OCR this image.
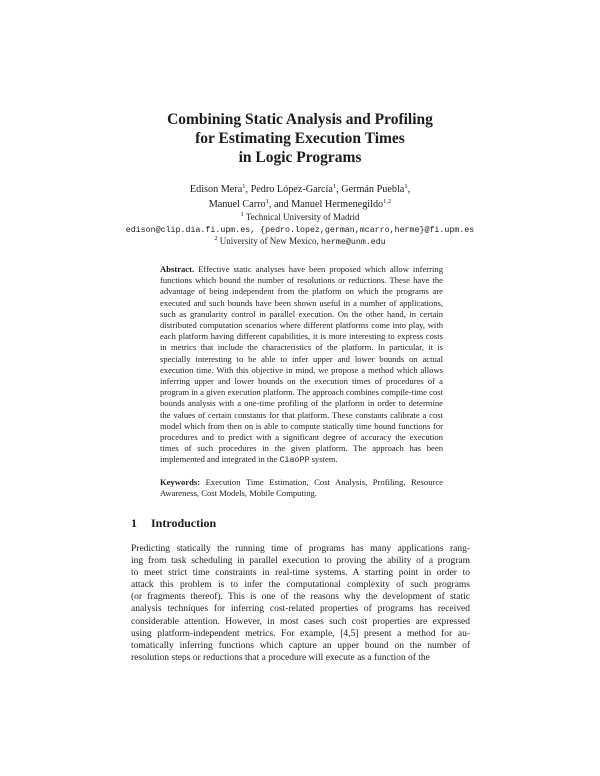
Combining Static Analysis and Profiling
for Estimating Execution Times
in Logic Programs
Edison Mera$^1$, Pedro López-García$^1$, Germán Puebla$^1$,
Manuel Carro$^1$, and Manuel Hermenegildo$^{1,2}$
$^1$ Technical University of Madrid
edison@clip.dia.fi.upm.es, {pedro.lopez,german,mcarro,herme}@fi.upm.es
$^2$ University of New Mexico, herme@unm.edu

Abstract. Effective static analyses have been proposed which allow inferring functions which bound the number of resolutions or reductions. These have the advantage of being independent from the platform on which the programs are executed and such bounds have been shown useful in a number of applications, such as granularity control in parallel execution. On the other hand, in certain distributed computation scenarios where different platforms come into play, with each platform having different capabilities, it is more interesting to express costs in metrics that include the characteristics of the platform. In particular, it is specially interesting to be able to infer upper and lower bounds on actual execution time. With this objective in mind, we propose a method which allows inferring upper and lower bounds on the execution times of procedures of a program in a given execution platform. The approach combines compile-time cost bounds analysis with a one-time profiling of the platform in order to determine the values of certain constants for that platform. These constants calibrate a cost model which from then on is able to compute statically time bound functions for procedures and to predict with a significant degree of accuracy the execution times of such procedures in the given platform. The approach has been implemented and integrated in the CiaoPP system.

Keywords: Execution Time Estimation, Cost Analysis, Profiling, Resource Awareness, Cost Models, Mobile Computing.

1 Introduction
Predicting statically the running time of programs has many applications rang-
ing from task scheduling in parallel execution to proving the ability of a program
to meet strict time constraints in real-time systems. A starting point in order to
attack this problem is to infer the computational complexity of such programs
(or fragments thereof). This is one of the reasons why the development of static
analysis techniques for inferring cost-related properties of programs has received
considerable attention. However, in most cases such cost properties are expressed
using platform-independent metrics. For example, [4,5] present a method for au-
tomatically inferring functions which capture an upper bound on the number of
resolution steps or reductions that a procedure will execute as a function of the
